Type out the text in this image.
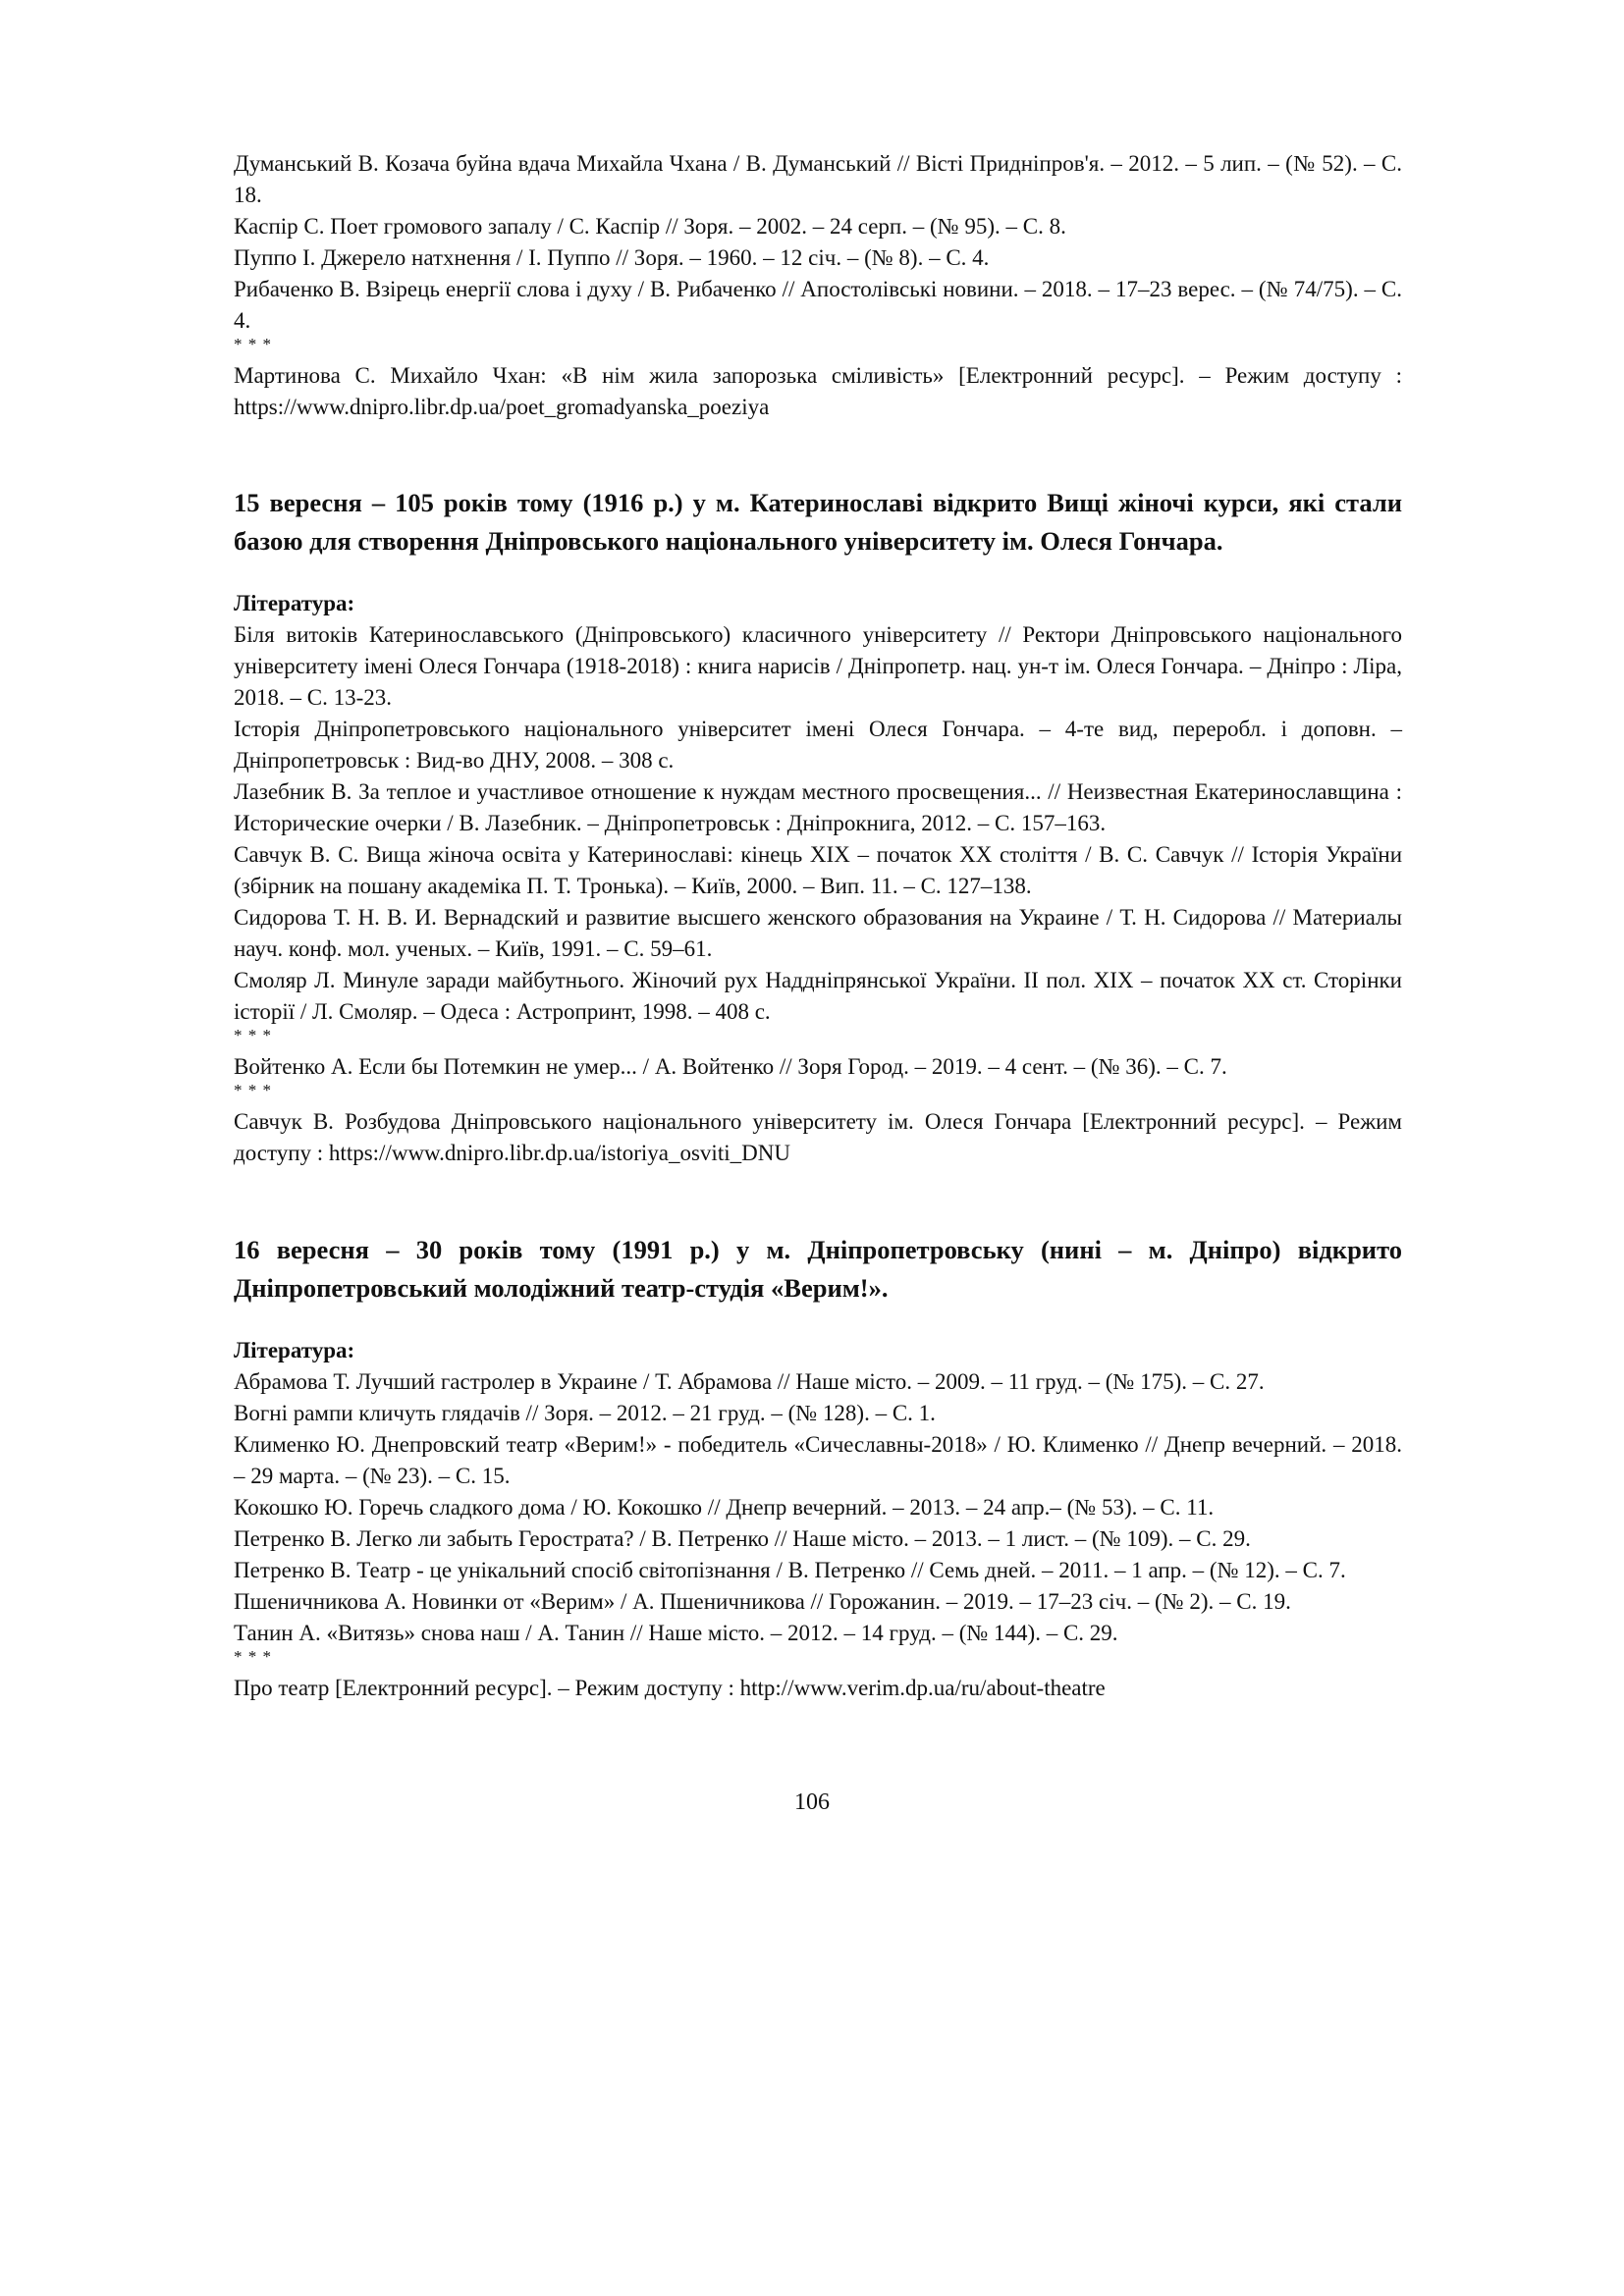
Думанський В. Козача буйна вдача Михайла Чхана / В. Думанський // Вісті Придніпров'я. – 2012. – 5 лип. – (№ 52). – С. 18.

Каспір С. Поет громового запалу / С. Каспір // Зоря. – 2002. – 24 серп. – (№ 95). – С. 8.

Пуппо І. Джерело натхнення / І. Пуппо // Зоря. – 1960. – 12 січ. – (№ 8). – С. 4.

Рибаченко В. Взірець енергії слова і духу / В. Рибаченко // Апостолівські новини. – 2018. – 17–23 верес. – (№ 74/75). – С. 4.

* * *

Мартинова С. Михайло Чхан: «В нім жила запорозька сміливість» [Електронний ресурс]. – Режим доступу : https://www.dnipro.libr.dp.ua/poet_gromadyanska_poeziya

15 вересня – 105 років тому (1916 р.) у м. Катеринославі відкрито Вищі жіночі курси, які стали базою для створення Дніпровського національного університету ім. Олеся Гончара.
Література:

Біля витоків Катеринославського (Дніпровського) класичного університету // Ректори Дніпровського національного університету імені Олеся Гончара (1918-2018) : книга нарисів / Дніпропетр. нац. ун-т ім. Олеся Гончара. – Дніпро : Ліра, 2018. – С. 13-23.

Історія Дніпропетровського національного університет імені Олеся Гончара. – 4-те вид, переробл. і доповн. – Дніпропетровськ : Вид-во ДНУ, 2008. – 308 с.

Лазебник В. За теплое и участливое отношение к нуждам местного просвещения... // Неизвестная Екатеринославщина : Исторические очерки / В. Лазебник. – Дніпропетровськ : Дніпрокнига, 2012. – С. 157–163.

Савчук В. С. Вища жіноча освіта у Катеринославі: кінець XIX – початок XX століття / В. С. Савчук // Історія України (збірник на пошану академіка П. Т. Тронька). – Київ, 2000. – Вип. 11. – С. 127–138.

Сидорова Т. Н. В. И. Вернадский и развитие высшего женского образования на Украине / Т. Н. Сидорова // Материалы науч. конф. мол. ученых. – Київ, 1991. – С. 59–61.

Смоляр Л. Минуле заради майбутнього. Жіночий рух Наддніпрянської України. II пол. XIX – початок XX ст. Сторінки історії / Л. Смоляр. – Одеса : Астропринт, 1998. – 408 с.

* * *

Войтенко А. Если бы Потемкин не умер... / А. Войтенко // Зоря Город. – 2019. – 4 сент. – (№ 36). – С. 7.

* * *

Савчук В. Розбудова Дніпровського національного університету ім. Олеся Гончара [Електронний ресурс]. – Режим доступу : https://www.dnipro.libr.dp.ua/istoriya_osviti_DNU

16 вересня – 30 років тому (1991 р.) у м. Дніпропетровську (нині – м. Дніпро) відкрито Дніпропетровський молодіжний театр-студія «Верим!».
Література:

Абрамова Т. Лучший гастролер в Украине / Т. Абрамова // Наше місто. – 2009. – 11 груд. – (№ 175). – С. 27.

Вогні рампи кличуть глядачів // Зоря. – 2012. – 21 груд. – (№ 128). – С. 1.

Клименко Ю. Днепровский театр «Верим!» - победитель «Сичеславны-2018» / Ю. Клименко // Днепр вечерний. – 2018. – 29 марта. – (№ 23). – С. 15.

Кокошко Ю. Горечь сладкого дома / Ю. Кокошко // Днепр вечерний. – 2013. – 24 апр.– (№ 53). – С. 11.

Петренко В. Легко ли забыть Герострата? / В. Петренко // Наше місто. – 2013. – 1 лист. – (№ 109). – С. 29.

Петренко В. Театр - це унікальний спосіб світопізнання / В. Петренко // Семь дней. – 2011. – 1 апр. – (№ 12). – С. 7.

Пшеничникова А. Новинки от «Верим» / А. Пшеничникова // Горожанин. – 2019. – 17–23 січ. – (№ 2). – С. 19.

Танин А. «Витязь» снова наш / А. Танин // Наше місто. – 2012. – 14 груд. – (№ 144). – С. 29.

* * *

Про театр [Електронний ресурс]. – Режим доступу : http://www.verim.dp.ua/ru/about-theatre

106
